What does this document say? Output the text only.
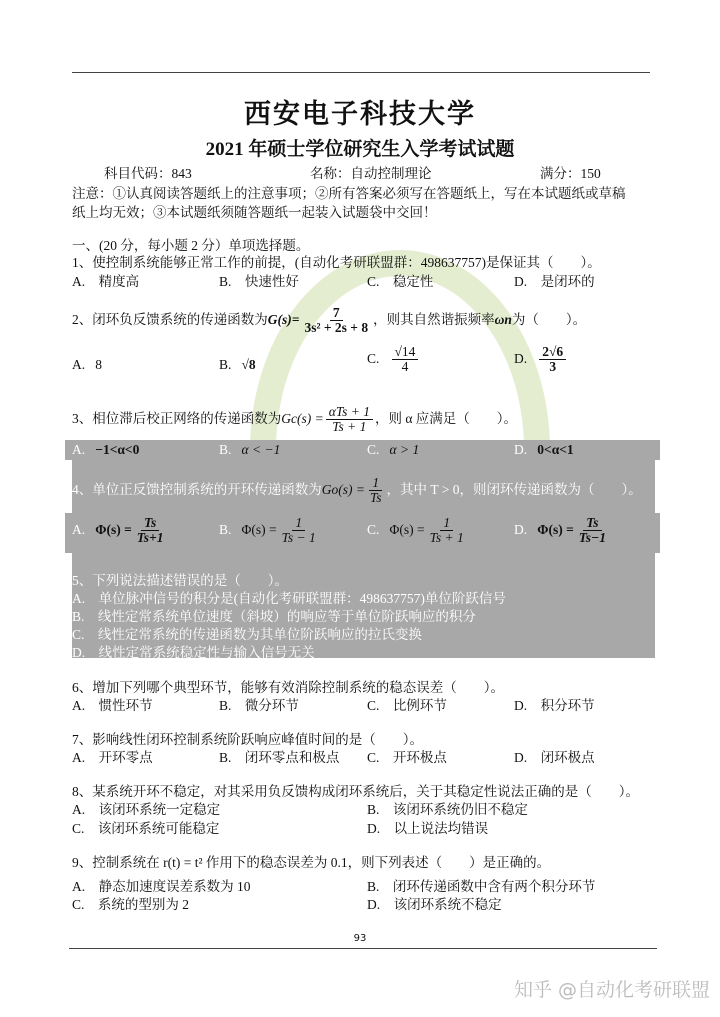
西安电子科技大学
2021 年硕士学位研究生入学考试试题
科目代码：843	名称：自动控制理论	满分：150
注意：①认真阅读答题纸上的注意事项；②所有答案必须写在答题纸上，写在本试题纸或草稿
纸上均无效；③本试题纸须随答题纸一起装入试题袋中交回！
一、(20 分，每小题 2 分）单项选择题。
1、使控制系统能够正常工作的前提，(自动化考研联盟群：498637757)是保证其（　　）。
A.　精度高	B.　快速性好	C.　稳定性	D.　是闭环的
2、闭环负反馈系统的传递函数为$G(s)= \frac{7}{\text{3s² + 2s + 8}}$ ，则其自然谐振频率ωn为（　　）。
A. 8	B. √8	C. $\frac{√14}{4}$	D. $\frac{2√6}{3}$
3、相位滞后校正网络的传递函数为$Gc(s) = \frac{\text{αTs + 1}}{Ts + 1}$ ，则 α 应满足（　　）。
A. −1<α<0	B. α < −1	C. α > 1	D. 0<α<1
4、单位正反馈控制系统的开环传递函数为$Go(s) = \frac{1}{Ts}$ ，其中 T > 0，则闭环传递函数为（　　）。
A. $\Phi(s) = \frac{Ts}{Ts+1}$	B. $\Phi(s) = \frac{1}{Ts - 1}$	C. $\Phi(s) = \frac{1}{Ts + 1}$	D. $\Phi(s) = \frac{Ts}{Ts-1}$
5、下列说法描述错误的是（　　）。
A.　单位脉冲信号的积分是(自动化考研联盟群：498637757)单位阶跃信号
B.　线性定常系统单位速度（斜坡）的响应等于单位阶跃响应的积分
C.　线性定常系统的传递函数为其单位阶跃响应的拉氏变换
D.　线性定常系统稳定性与输入信号无关
6、增加下列哪个典型环节，能够有效消除控制系统的稳态误差（　　）。
A.　惯性环节	B.　微分环节	C.　比例环节	D.　积分环节
7、影响线性闭环控制系统阶跃响应峰值时间的是（　　）。
A.　开环零点	B.　闭环零点和极点 C.　开环极点	D.　闭环极点
8、某系统开环不稳定，对其采用负反馈构成闭环系统后，关于其稳定性说法正确的是（　　）。
A.　该闭环系统一定稳定	B.　该闭环系统仍旧不稳定
C.　该闭环系统可能稳定	D.　以上说法均错误
9、控制系统在 r(t) = t² 作用下的稳态误差为 0.1，则下列表述（　　）是正确的。
A.　静态加速度误差系数为 10	B.　闭环传递函数中含有两个积分环节
C.　系统的型别为 2	D.　该闭环系统不稳定
93
知乎 @自动化考研联盟
